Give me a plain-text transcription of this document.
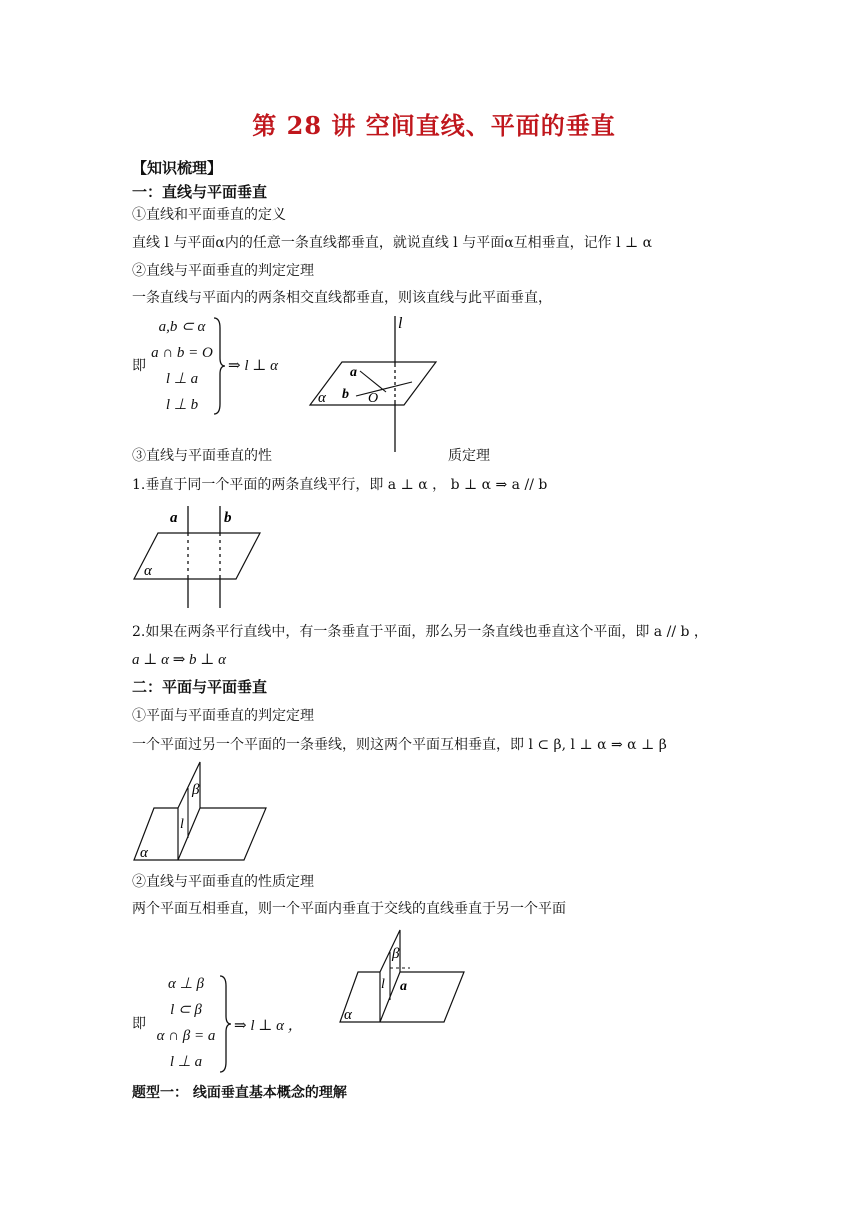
第 28 讲 空间直线、平面的垂直
【知识梳理】
一：直线与平面垂直
①直线和平面垂直的定义
直线 l 与平面α内的任意一条直线都垂直，就说直线 l 与平面α互相垂直，记作 l ⊥ α
②直线与平面垂直的判定定理
一条直线与平面内的两条相交直线都垂直，则该直线与此平面垂直，
即
a,b ⊂ α
a ∩ b = O
l ⊥ a
l ⊥ b
⇒ l ⊥ α
l
a
b O
α
③直线与平面垂直的性	质定理
1.垂直于同一个平面的两条直线平行，即 a ⊥ α ， b ⊥ α ⇒ a // b
a	b
α
2.如果在两条平行直线中，有一条垂直于平面，那么另一条直线也垂直这个平面，即 a // b ，
a ⊥ α ⇒ b ⊥ α
二：平面与平面垂直
①平面与平面垂直的判定定理
一个平面过另一个平面的一条垂线，则这两个平面互相垂直，即 l ⊂ β, l ⊥ α ⇒ α ⊥ β
β
l
α
②直线与平面垂直的性质定理
两个平面互相垂直，则一个平面内垂直于交线的直线垂直于另一个平面
即
α ⊥ β
l ⊂ β
α ∩ β = a
l ⊥ a
⇒ l ⊥ α ，
β
l a
α
题型一： 线面垂直基本概念的理解
